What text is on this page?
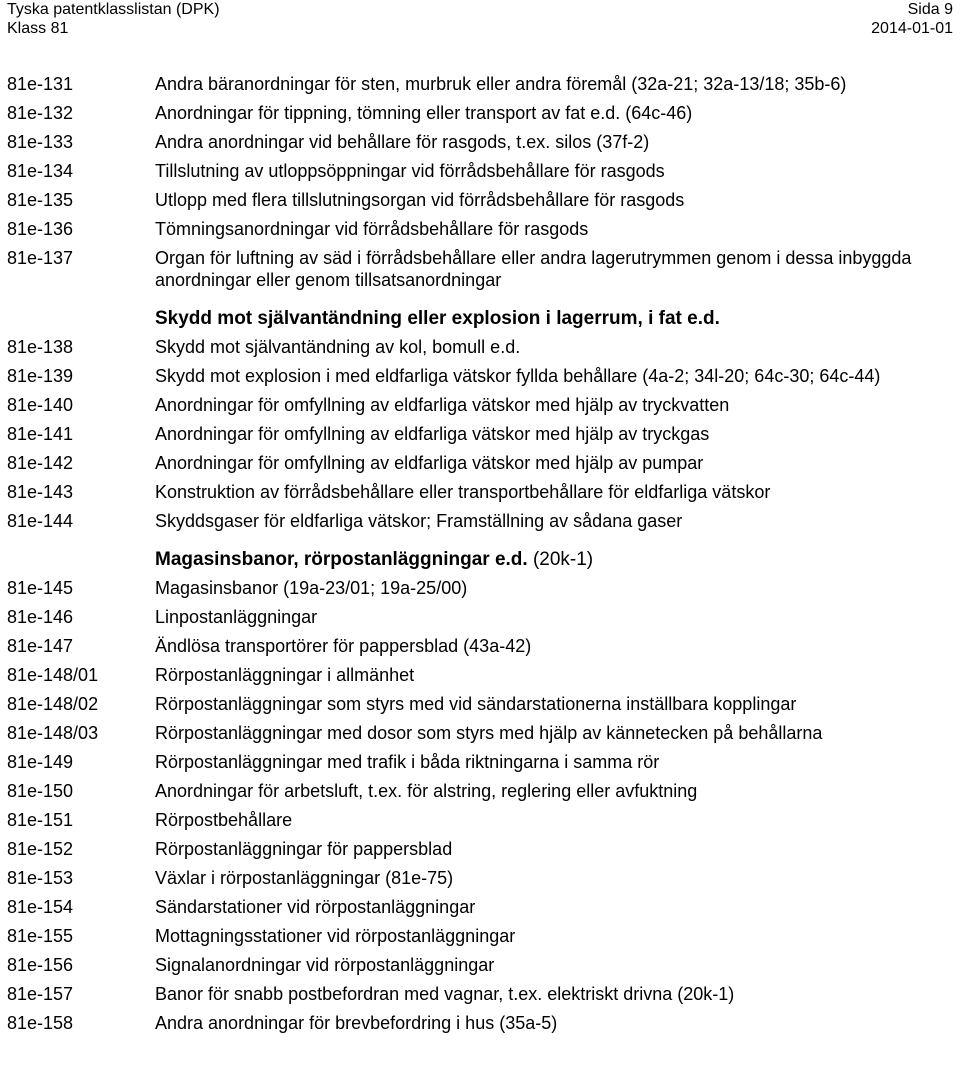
Tyska patentklasslistan (DPK)
Klass 81
Sida 9
2014-01-01
81e-131	Andra bäranordningar för sten, murbruk eller andra föremål (32a-21; 32a-13/18; 35b-6)
81e-132	Anordningar för tippning, tömning eller transport av fat e.d. (64c-46)
81e-133	Andra anordningar vid behållare för rasgods, t.ex. silos (37f-2)
81e-134	Tillslutning av utloppsöppningar vid förrådsbehållare för rasgods
81e-135	Utlopp med flera tillslutningsorgan vid förrådsbehållare för rasgods
81e-136	Tömningsanordningar vid förrådsbehållare för rasgods
81e-137	Organ för luftning av säd i förrådsbehållare eller andra lagerutrymmen genom i dessa inbyggda anordningar eller genom tillsatsanordningar
Skydd mot självantändning eller explosion i lagerrum, i fat e.d.
81e-138	Skydd mot självantändning av kol, bomull e.d.
81e-139	Skydd mot explosion i med eldfarliga vätskor fyllda behållare (4a-2; 34l-20; 64c-30; 64c-44)
81e-140	Anordningar för omfyllning av eldfarliga vätskor med hjälp av tryckvatten
81e-141	Anordningar för omfyllning av eldfarliga vätskor med hjälp av tryckgas
81e-142	Anordningar för omfyllning av eldfarliga vätskor med hjälp av pumpar
81e-143	Konstruktion av förrådsbehållare eller transportbehållare för eldfarliga vätskor
81e-144	Skyddsgaser för eldfarliga vätskor; Framställning av sådana gaser
Magasinsbanor, rörpostanläggningar e.d. (20k-1)
81e-145	Magasinsbanor (19a-23/01; 19a-25/00)
81e-146	Linpostanläggningar
81e-147	Ändlösa transportörer för pappersblad (43a-42)
81e-148/01	Rörpostanläggningar i allmänhet
81e-148/02	Rörpostanläggningar som styrs med vid sändarstationerna inställbara kopplingar
81e-148/03	Rörpostanläggningar med dosor som styrs med hjälp av kännetecken på behållarna
81e-149	Rörpostanläggningar med trafik i båda riktningarna i samma rör
81e-150	Anordningar för arbetsluft, t.ex. för alstring, reglering eller avfuktning
81e-151	Rörpostbehållare
81e-152	Rörpostanläggningar för pappersblad
81e-153	Växlar i rörpostanläggningar (81e-75)
81e-154	Sändarstationer vid rörpostanläggningar
81e-155	Mottagningsstationer vid rörpostanläggningar
81e-156	Signalanordningar vid rörpostanläggningar
81e-157	Banor för snabb postbefordran med vagnar, t.ex. elektriskt drivna (20k-1)
81e-158	Andra anordningar för brevbefordring i hus (35a-5)
